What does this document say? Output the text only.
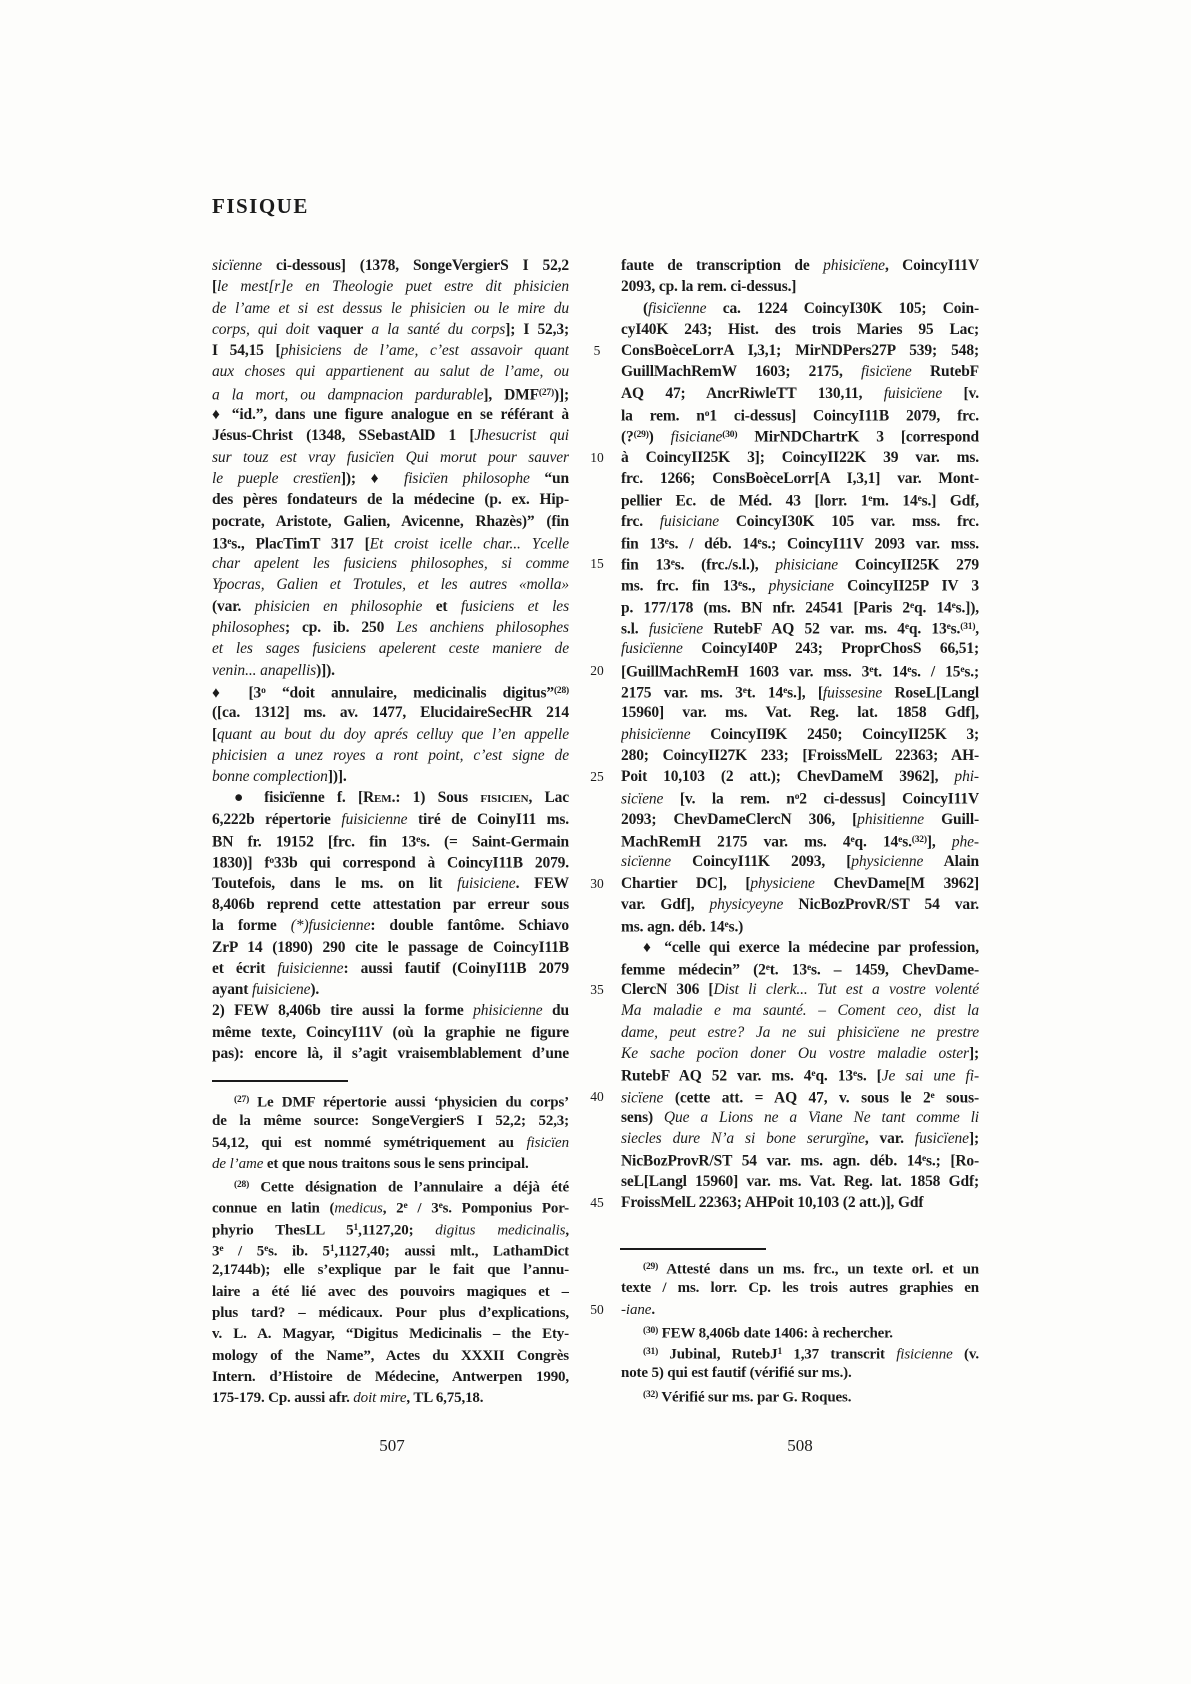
FISIQUE
sicïenne ci-dessous] (1378, SongeVergierS I 52,2
[le mest[r]e en Theologie puet estre dit phisicien
de l’ame et si est dessus le phisicien ou le mire du
corps, qui doit vaquer a la santé du corps]; I 52,3;
I 54,15 [phisiciens de l’ame, c’est assavoir quant
aux choses qui appartienent au salut de l’ame, ou
a la mort, ou dampnacion pardurable], DMF$^{(27)}$)];
♦ “id.”, dans une figure analogue en se référant à
Jésus-Christ (1348, SSebastAlD 1 [Jhesucrist qui
sur touz est vray fusicïen Qui morut pour sauver
le pueple crestïen]); ♦ fisicïen philosophe “un
des pères fondateurs de la médecine (p. ex. Hip-
pocrate, Aristote, Galien, Avicenne, Rhazès)” (fin
13es., PlacTimT 317 [Et croist icelle char... Ycelle
char apelent les fusiciens philosophes, si comme
Ypocras, Galien et Trotules, et les autres «molla»
(var. phisicien en philosophie et fusiciens et les
philosophes; cp. ib. 250 Les anchiens philosophes
et les sages fusiciens apelerent ceste maniere de
venin... anapellis)]).
♦ [3$^o$ “doit annulaire, medicinalis digitus”$^{(28)}$
([ca. 1312] ms. av. 1477, ElucidaireSecHR 214
[quant au bout du doy aprés celluy que l’en appelle
phicisien a unez royes a ront point, c’est signe de
bonne complection])].
● fisicïenne f. [Rem.: 1) Sous fisicien, Lac
6,222b répertorie fuisicienne tiré de CoinyI11 ms.
BN fr. 19152 [frc. fin 13es. (= Saint-Germain
1830)] $f^o33b$ qui correspond à CoincyI11B 2079.
Toutefois, dans le ms. on lit fuisiciene. FEW
8,406b reprend cette attestation par erreur sous
la forme (*)fusicienne: double fantôme. Schiavo
ZrP 14 (1890) 290 cite le passage de CoincyI11B
et écrit fuisicienne: aussi fautif (CoinyI11B 2079
ayant fuisiciene).
2) FEW 8,406b tire aussi la forme phisicienne du
même texte, CoincyI11V (où la graphie ne figure
pas): encore là, il s’agit vraisemblablement d’une
faute de transcription de phisicïene, CoincyI11V
2093, cp. la rem. ci-dessus.]
(fisicïenne ca. 1224 CoincyI30K 105; Coin-
cyI40K 243; Hist. des trois Maries 95 Lac;
ConsBoèceLorrA I,3,1; MirNDPers27P 539; 548;
GuillMachRemW 1603; 2175, fisicïene RutebF
AQ 47; AncrRiwleTT 130,11, fuisicïene [v.
la rem. $n^o1$ ci-dessus] CoincyI11B 2079, frc.
(?$^{(29)}$) fisiciane$^{(30)}$ MirNDChartrK 3 [correspond
à CoincyII25K 3]; CoincyII22K 39 var. ms.
frc. 1266; ConsBoèceLorr[A I,3,1] var. Mont-
pellier Ec. de Méd. 43 [lorr. 1em. 14es.] Gdf,
frc. fuisiciane CoincyI30K 105 var. mss. frc.
fin 13es. / déb. 14es.; CoincyI11V 2093 var. mss.
fin 13es. (frc./s.l.), phisiciane CoincyII25K 279
ms. frc. fin 13es., physiciane CoincyII25P IV 3
p. 177/178 (ms. BN nfr. 24541 [Paris 2eq. 14es.]),
s.l. fusicïene RutebF AQ 52 var. ms. 4eq. 13es.$^{(31)}$,
fusicïenne CoincyI40P 243; ProprChosS 66,51;
[GuillMachRemH 1603 var. mss. 3et. 14es. / 15es.;
2175 var. ms. 3et. 14es.], [fuissesine RoseL[Langl
15960] var. ms. Vat. Reg. lat. 1858 Gdf],
phisicïenne CoincyII9K 2450; CoincyII25K 3;
280; CoincyII27K 233; [FroissMelL 22363; AH-
Poit 10,103 (2 att.); ChevDameM 3962], phi-
sicïene [v. la rem. $n^o2$ ci-dessus] CoincyI11V
2093; ChevDameClercN 306, [phisitienne Guill-
MachRemH 2175 var. ms. 4eq. 14es.$^{(32)}$], phe-
sicïenne CoincyI11K 2093, [physicienne Alain
Chartier DC], [physiciene ChevDame[M 3962]
var. Gdf], physicyeyne NicBozProvR/ST 54 var.
ms. agn. déb. 14es.)
♦ “celle qui exerce la médecine par profession,
femme médecin” (2et. 13es. – 1459, ChevDame-
ClercN 306 [Dist li clerk... Tut est a vostre volenté
Ma maladie e ma saunté. – Coment ceo, dist la
dame, peut estre? Ja ne sui phisicïene ne prestre
Ke sache pocïon doner Ou vostre maladie oster];
RutebF AQ 52 var. ms. 4eq. 13es. [Je sai une fi-
sicïene (cette att. = AQ 47, v. sous le 2e sous-
sens) Que a Lions ne a Viane Ne tant comme li
siecles dure N’a si bone serurgïne, var. fusicïene];
NicBozProvR/ST 54 var. ms. agn. déb. 14es.; [Ro-
seL[Langl 15960] var. ms. Vat. Reg. lat. 1858 Gdf;
FroissMelL 22363; AHPoit 10,103 (2 att.)], Gdf
$^{(27)}$ Le DMF répertorie aussi ‘physicien du corps’
de la même source: SongeVergierS I 52,2; 52,3;
54,12, qui est nommé symétriquement au fisicïen
de l’ame et que nous traitons sous le sens principal.
$^{(28)}$ Cette désignation de l’annulaire a déjà été
connue en latin (medicus, 2e / 3es. Pomponius Por-
phyrio ThesLL $5^1,1127,20$; digitus medicinalis,
3e / 5es. ib. $5^1,1127,40$; aussi mlt., LathamDict
2,1744b); elle s’explique par le fait que l’annu-
laire a été lié avec des pouvoirs magiques et –
plus tard? – médicaux. Pour plus d’explications,
v. L. A. Magyar, “Digitus Medicinalis – the Ety-
mology of the Name”, Actes du XXXII Congrès
Intern. d’Histoire de Médecine, Antwerpen 1990,
175-179. Cp. aussi afr. doit mire, TL 6,75,18.
$^{(29)}$ Attesté dans un ms. frc., un texte orl. et un
texte / ms. lorr. Cp. les trois autres graphies en
-iane.
$^{(30)}$ FEW 8,406b date 1406: à rechercher.
$^{(31)}$ Jubinal, RutebJ$^1$ 1,37 transcrit fisicienne (v.
note 5) qui est fautif (vérifié sur ms.).
$^{(32)}$ Vérifié sur ms. par G. Roques.
5
10
15
20
25
30
35
40
45
50
507	508
